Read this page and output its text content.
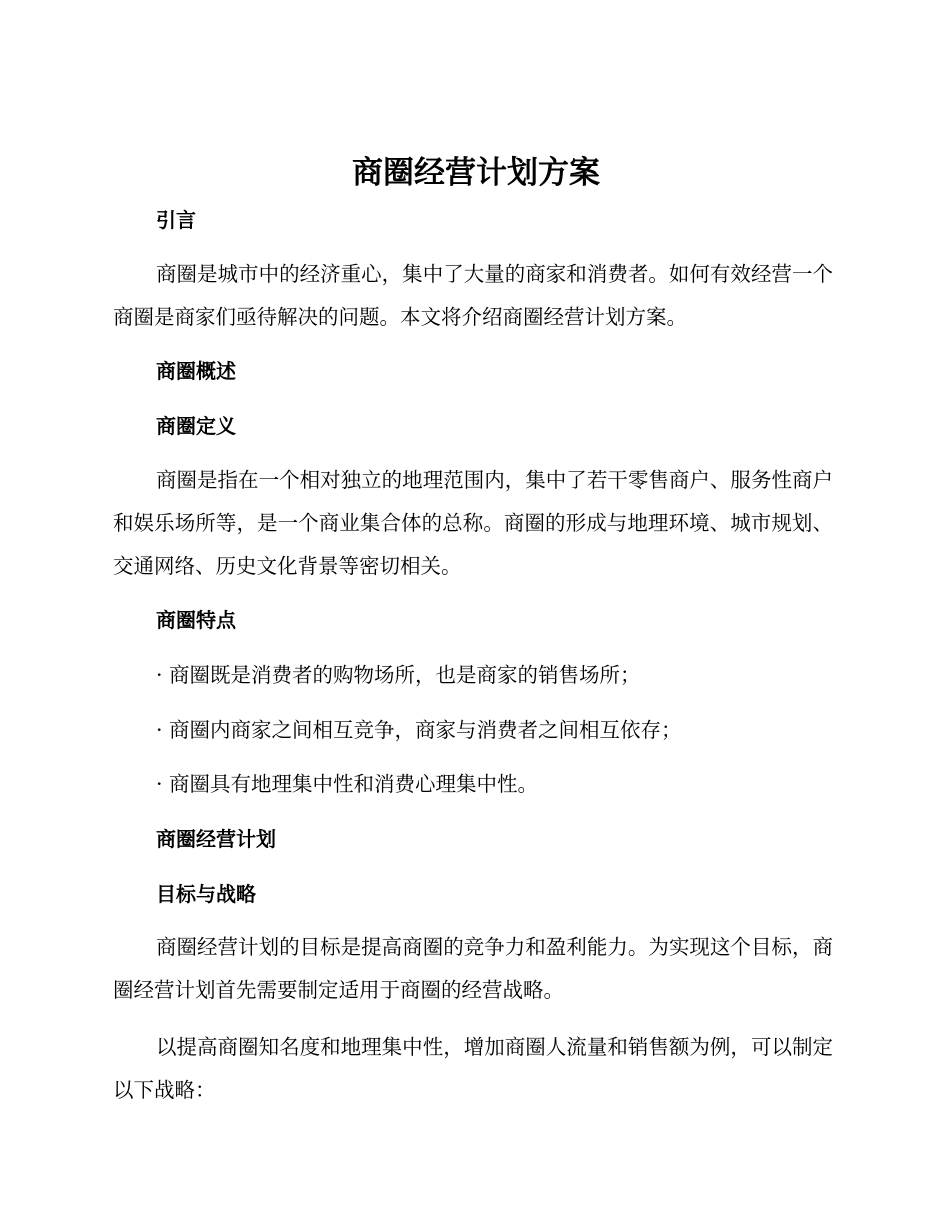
商圈经营计划方案
引言

商圈是城市中的经济重心，集中了大量的商家和消费者。如何有效经营一个商圈是商家们亟待解决的问题。本文将介绍商圈经营计划方案。

商圈概述
商圈定义

商圈是指在一个相对独立的地理范围内，集中了若干零售商户、服务性商户和娱乐场所等，是一个商业集合体的总称。商圈的形成与地理环境、城市规划、交通网络、历史文化背景等密切相关。

商圈特点

· 商圈既是消费者的购物场所，也是商家的销售场所；

· 商圈内商家之间相互竞争，商家与消费者之间相互依存；

· 商圈具有地理集中性和消费心理集中性。

商圈经营计划
目标与战略

商圈经营计划的目标是提高商圈的竞争力和盈利能力。为实现这个目标，商圈经营计划首先需要制定适用于商圈的经营战略。

以提高商圈知名度和地理集中性，增加商圈人流量和销售额为例，可以制定以下战略：
